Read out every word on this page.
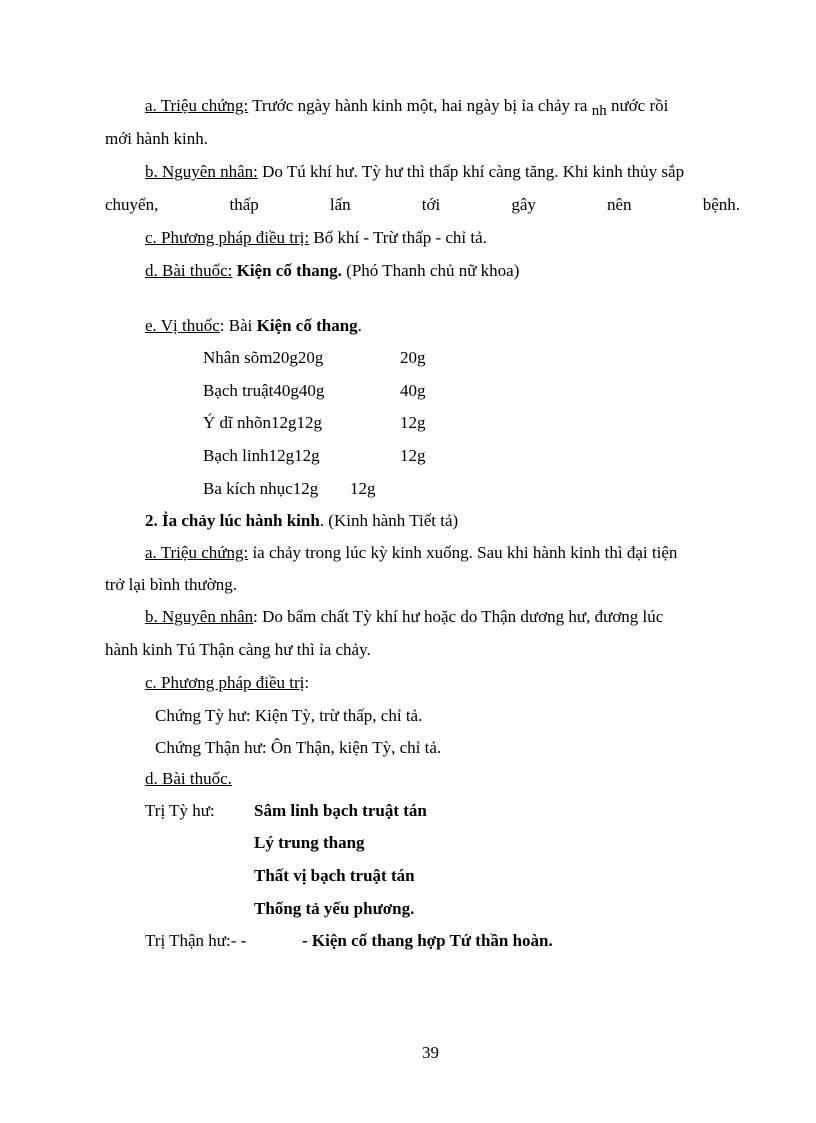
a. Triệu chứng: Trước ngày hành kinh một, hai ngày bị ỉa chảy ra nh nước rồi
mới hành kinh.
b. Nguyên nhân: Do Tú khí hư. Tỳ hư thì thấp khí càng tăng. Khi kinh thủy sắp
chuyển,	thấp	lấn	tới	gây	nên	bệnh.
c. Phương pháp điều trị: Bổ khí - Trừ thấp - chỉ tả.
d. Bài thuốc: Kiện cố thang. (Phó Thanh chủ nữ khoa)
e. Vị thuốc: Bài Kiện cố thang.
Nhân sõm20g20g	20g
Bạch truật40g40g	40g
Ý dĩ nhõn12g12g	12g
Bạch linh12g12g	12g
Ba kích nhục12g 12g
2. Ỉa chảy lúc hành kinh. (Kinh hành Tiết tả)
a. Triệu chứng: ỉa chảy trong lúc kỳ kinh xuống. Sau khi hành kinh thì đại tiện
trở lại bình thường.
b. Nguyên nhân: Do bẩm chất Tỳ khí hư hoặc do Thận dương hư, đương lúc
hành kinh Tú Thận càng hư thì ỉa chảy.
c. Phương pháp điều trị:
Chứng Tỳ hư: Kiện Tỳ, trừ thấp, chỉ tả.
Chứng Thận hư: Ôn Thận, kiện Tỳ, chỉ tả.
d. Bài thuốc.
Trị Tỳ hư: Sâm linh bạch truật tán
Lý trung thang
Thất vị bạch truật tán
Thống tả yếu phương.
Trị Thận hư:- -	- Kiện cố thang hợp Tứ thần hoàn.
39
